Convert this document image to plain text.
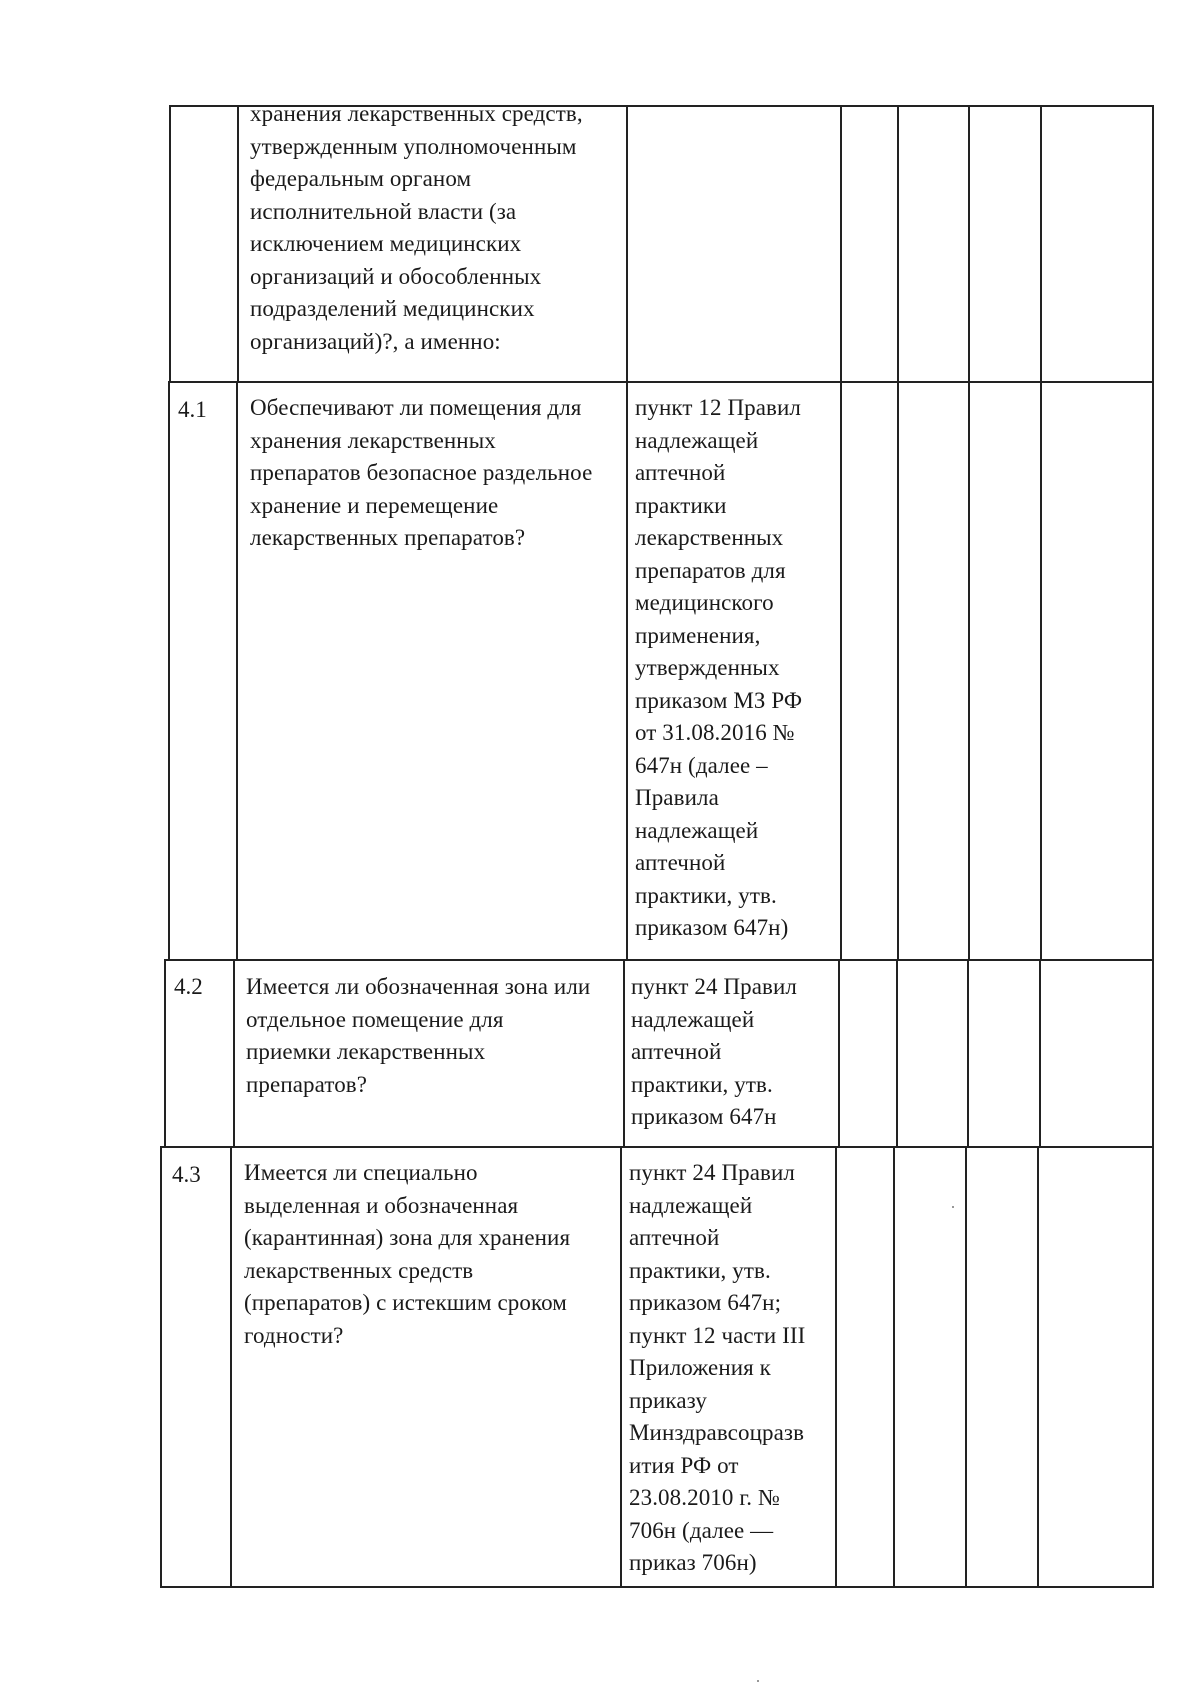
хранения лекарственных средств,
утвержденным уполномоченным
федеральным органом
исполнительной власти (за
исключением медицинских
организаций и обособленных
подразделений медицинских
организаций)?, а именно:
4.1 Обеспечивают ли помещения для
хранения лекарственных
препаратов безопасное раздельное
хранение и перемещение
лекарственных препаратов?
пункт 12 Правил
надлежащей
аптечной
практики
лекарственных
препаратов для
медицинского
применения,
утвержденных
приказом МЗ РФ
от 31.08.2016 №
647н (далее –
Правила
надлежащей
аптечной
практики, утв.
приказом 647н)
4.2 Имеется ли обозначенная зона или
отдельное помещение для
приемки лекарственных
препаратов?
пункт 24 Правил
надлежащей
аптечной
практики, утв.
приказом 647н
4.3 Имеется ли специально
выделенная и обозначенная
(карантинная) зона для хранения
лекарственных средств
(препаратов) с истекшим сроком
годности?
пункт 24 Правил
надлежащей
аптечной
практики, утв.
приказом 647н;
пункт 12 части III
Приложения к
приказу
Минздравсоцразв
ития РФ от
23.08.2010 г. №
706н (далее —
приказ 706н)
